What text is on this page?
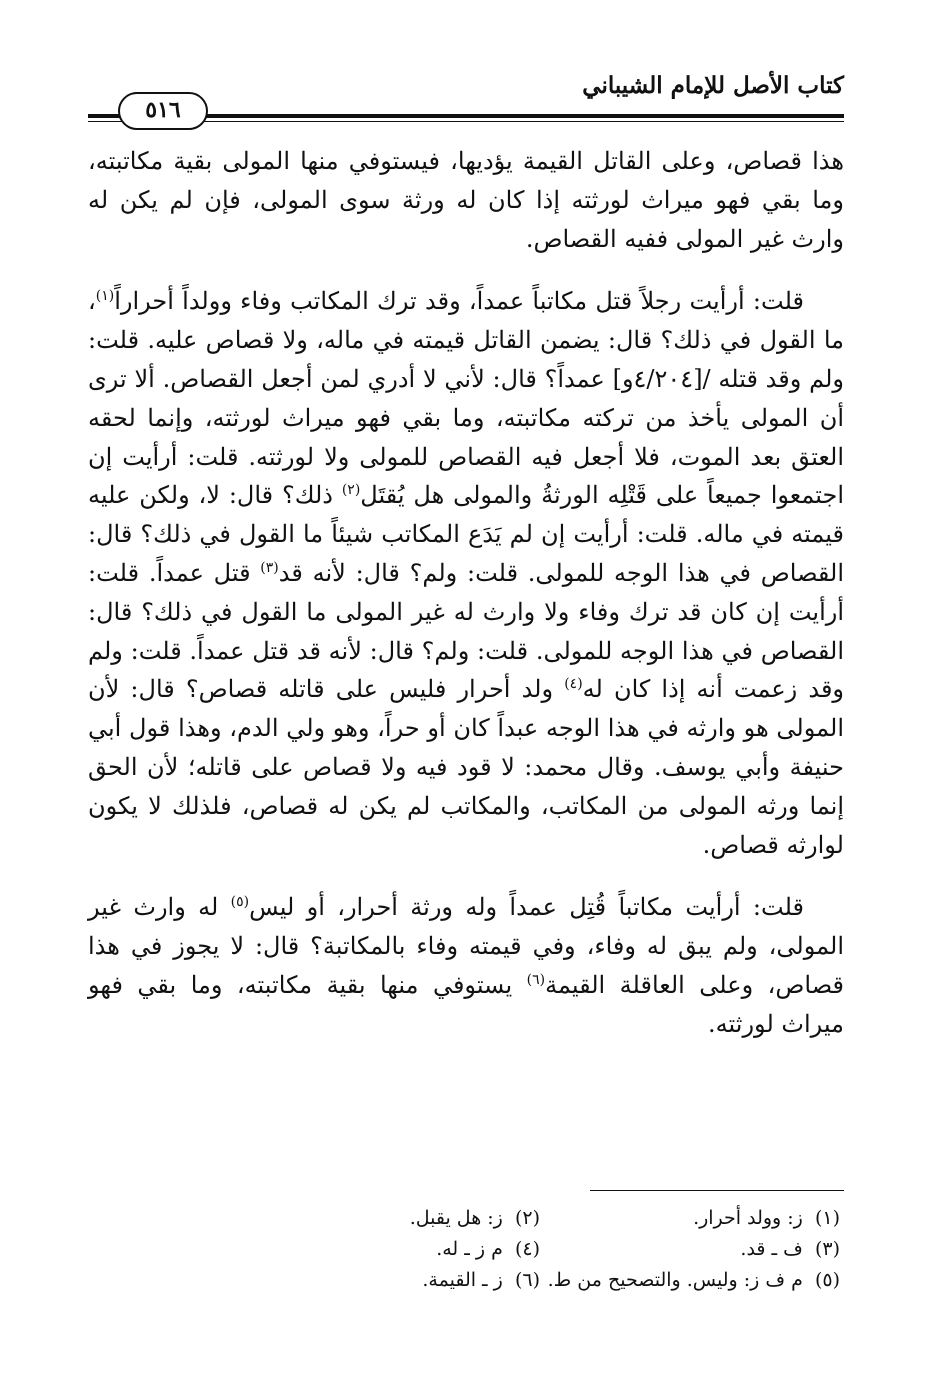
كتاب الأصل للإمام الشيباني
٥١٦

هذا قصاص، وعلى القاتل القيمة يؤديها، فيستوفي منها المولى بقية مكاتبته، وما بقي فهو ميراث لورثته إذا كان له ورثة سوى المولى، فإن لم يكن له وارث غير المولى ففيه القصاص.

قلت: أرأيت رجلاً قتل مكاتباً عمداً، وقد ترك المكاتب وفاء وولداً أحراراً$^{(١)}$، ما القول في ذلك؟ قال: يضمن القاتل قيمته في ماله، ولا قصاص عليه. قلت: ولم وقد قتله /[٤/٢٠٤و] عمداً؟ قال: لأني لا أدري لمن أجعل القصاص. ألا ترى أن المولى يأخذ من تركته مكاتبته، وما بقي فهو ميراث لورثته، وإنما لحقه العتق بعد الموت، فلا أجعل فيه القصاص للمولى ولا لورثته. قلت: أرأيت إن اجتمعوا جميعاً على قَتْلِه الورثةُ والمولى هل يُقتَل$^{(٢)}$ ذلك؟ قال: لا، ولكن عليه قيمته في ماله. قلت: أرأيت إن لم يَدَع المكاتب شيئاً ما القول في ذلك؟ قال: القصاص في هذا الوجه للمولى. قلت: ولم؟ قال: لأنه قد$^{(٣)}$ قتل عمداً. قلت: أرأيت إن كان قد ترك وفاء ولا وارث له غير المولى ما القول في ذلك؟ قال: القصاص في هذا الوجه للمولى. قلت: ولم؟ قال: لأنه قد قتل عمداً. قلت: ولم وقد زعمت أنه إذا كان له$^{(٤)}$ ولد أحرار فليس على قاتله قصاص؟ قال: لأن المولى هو وارثه في هذا الوجه عبداً كان أو حراً، وهو ولي الدم، وهذا قول أبي حنيفة وأبي يوسف. وقال محمد: لا قود فيه ولا قصاص على قاتله؛ لأن الحق إنما ورثه المولى من المكاتب، والمكاتب لم يكن له قصاص، فلذلك لا يكون لوارثه قصاص.

قلت: أرأيت مكاتباً قُتِل عمداً وله ورثة أحرار، أو ليس$^{(٥)}$ له وارث غير المولى، ولم يبق له وفاء، وفي قيمته وفاء بالمكاتبة؟ قال: لا يجوز في هذا قصاص، وعلى العاقلة القيمة$^{(٦)}$ يستوفي منها بقية مكاتبته، وما بقي فهو ميراث لورثته.

(١)  ز: وولد أحرار.
(٢)  ز: هل يقبل.
(٣)  ف ـ قد.
(٤)  م ز ـ له.
(٥)  م ف ز: وليس. والتصحيح من ط.
(٦)  ز ـ القيمة.
